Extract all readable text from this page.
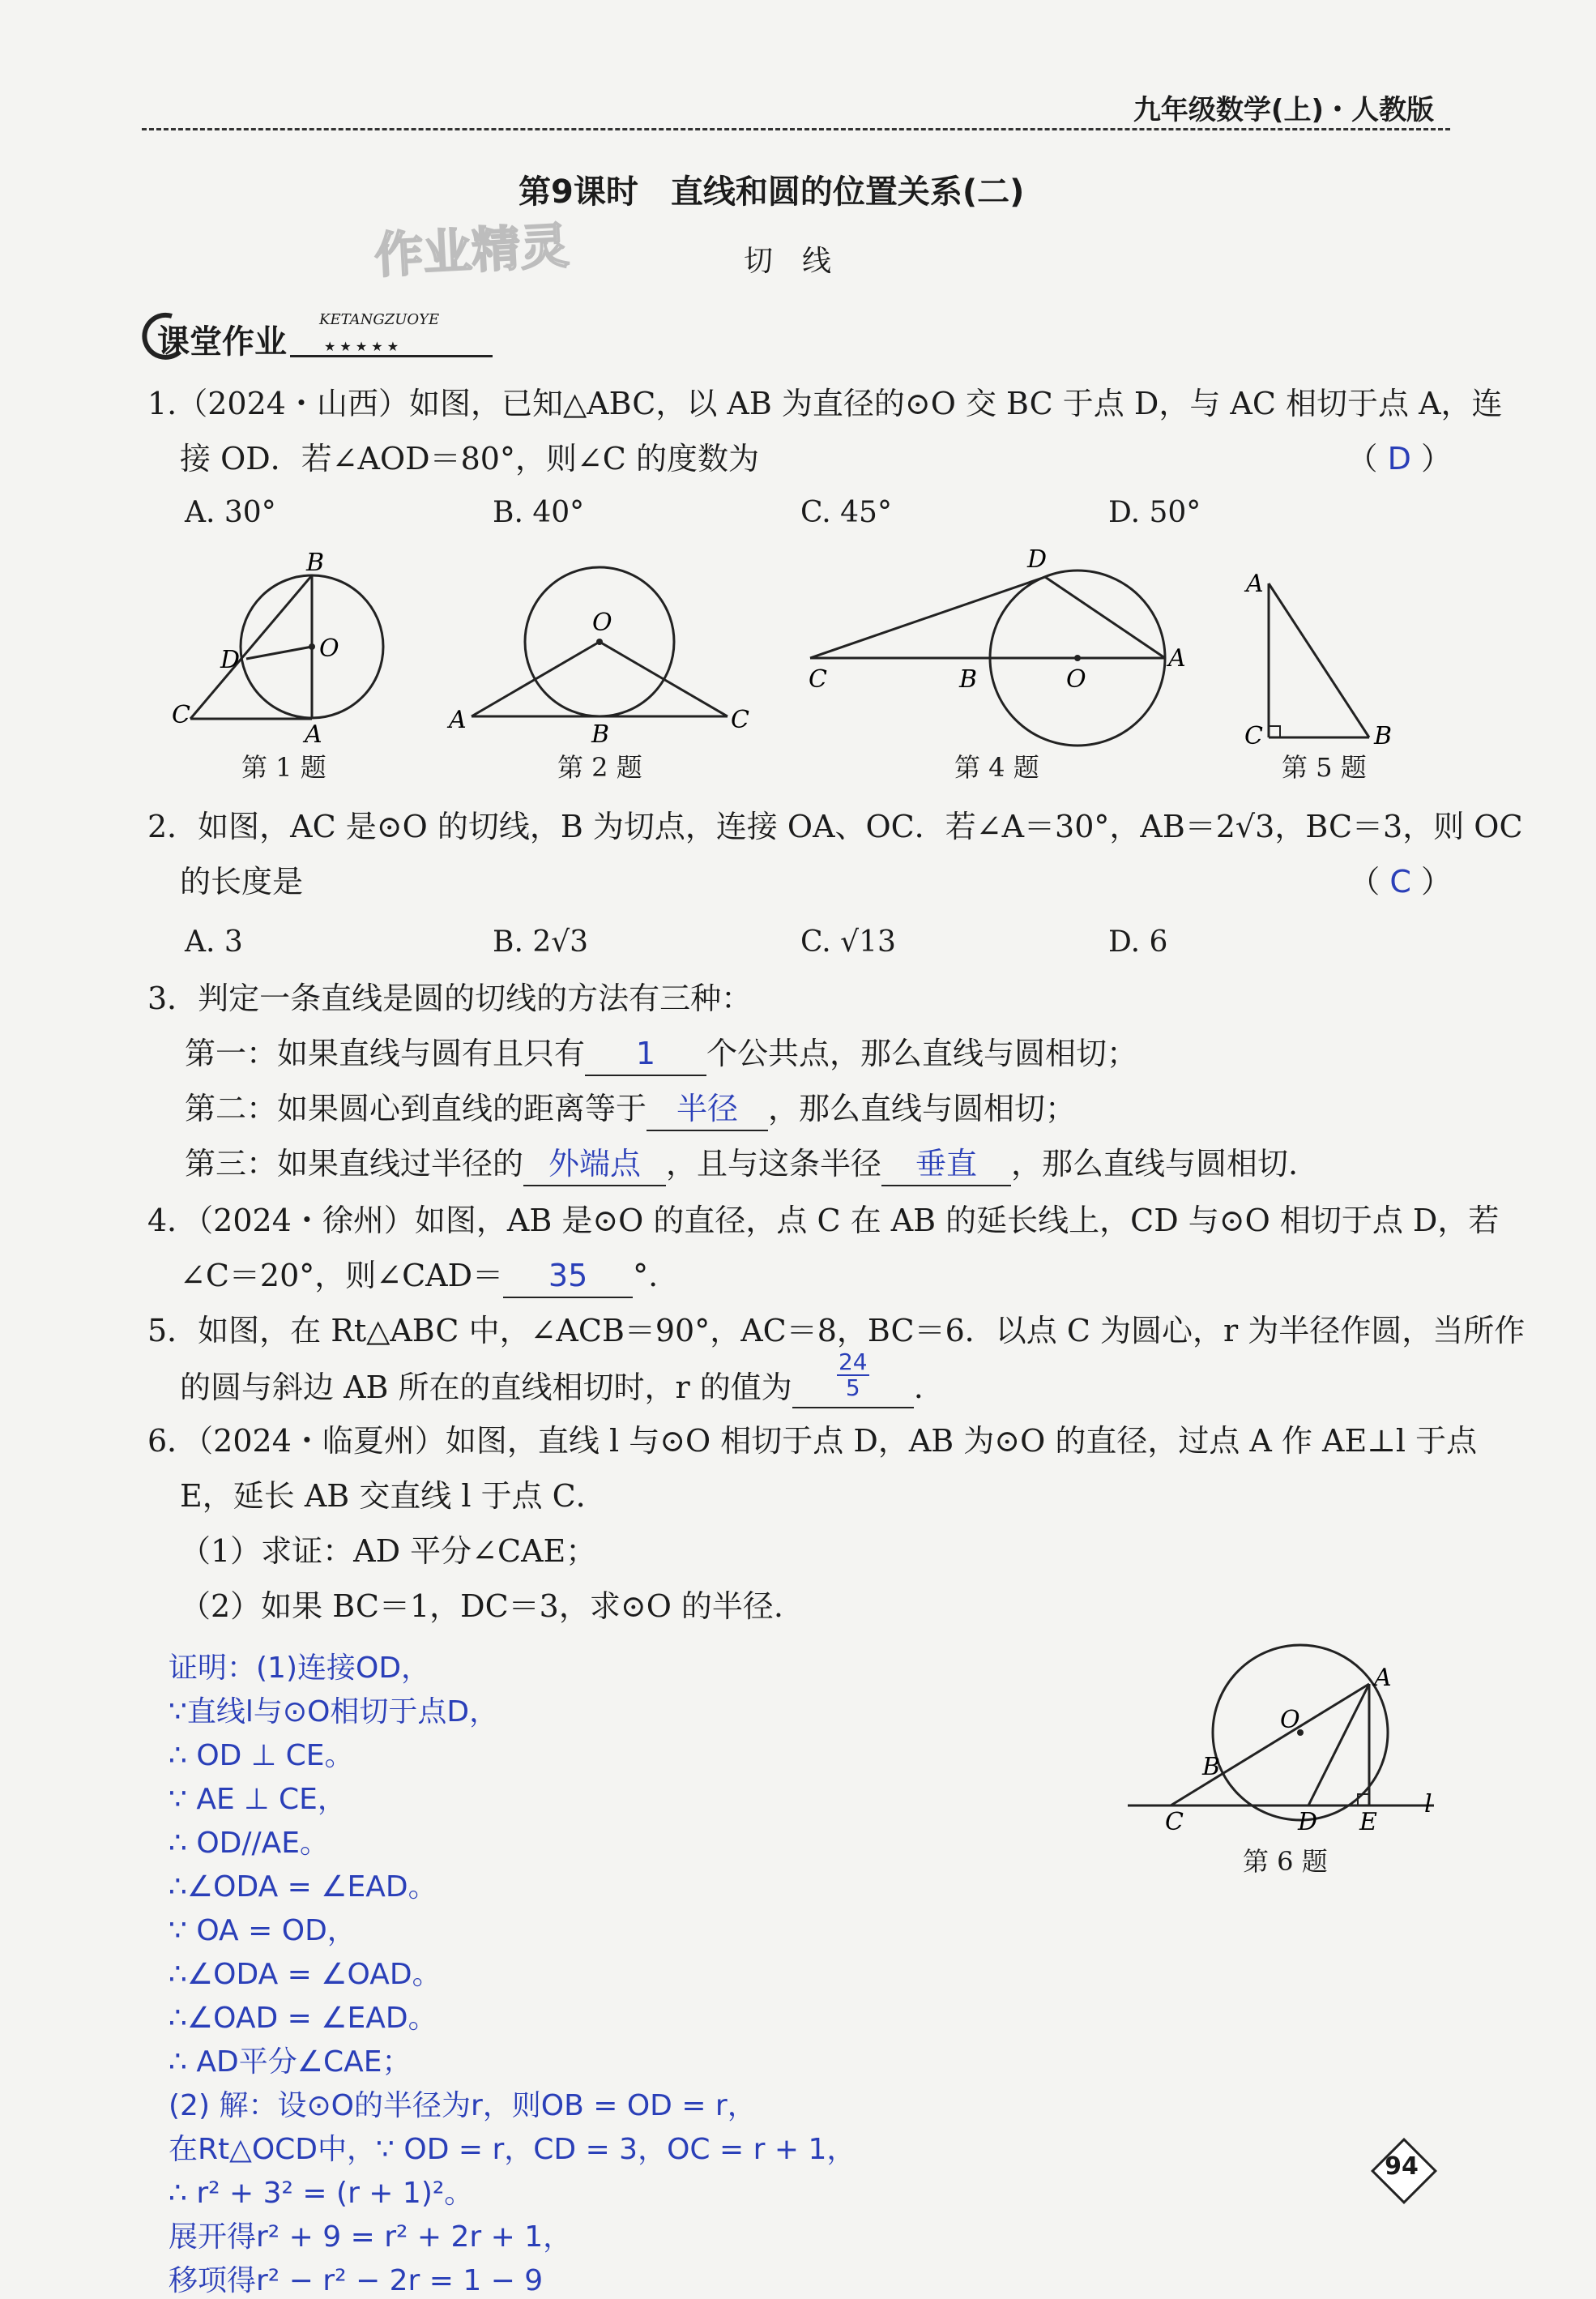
九年级数学(上)・人教版
第9课时　直线和圆的位置关系(二)
作业精灵	切　线
课堂作业
KETANGZUOYE
★ ★ ★ ★ ★
1.（2024・山西）如图，已知△ABC，以 AB 为直径的⊙O 交 BC 于点 D，与 AC 相切于点 A，连
接 OD．若∠AOD＝80°，则∠C 的度数为	（ D ）
A. 30°	B. 40°	C. 45°	D. 50°
B
O
D
C
A
O
A
B
C
D
C	B	O
A
A
C	B
第 1 题	第 2 题	第 4 题	第 5 题
2．如图，AC 是⊙O 的切线，B 为切点，连接 OA、OC．若∠A＝30°，AB＝2√3，BC＝3，则 OC
的长度是	（ C ）
A. 3	B. 2√3	C. √13	D. 6
3．判定一条直线是圆的切线的方法有三种：
第一：如果直线与圆有且只有 1 个公共点，那么直线与圆相切；
第二：如果圆心到直线的距离等于 半径 ，那么直线与圆相切；
第三：如果直线过半径的 外端点 ，且与这条半径 垂直 ，那么直线与圆相切.
4．（2024・徐州）如图，AB 是⊙O 的直径，点 C 在 AB 的延长线上，CD 与⊙O 相切于点 D，若
∠C＝20°，则∠CAD＝ 35 °.
5．如图，在 Rt△ABC 中，∠ACB＝90°，AC＝8，BC＝6．以点 C 为圆心，r 为半径作圆，当所作
的圆与斜边 AB 所在的直线相切时，r 的值为 $\frac{24}{5}$ .
6．（2024・临夏州）如图，直线 l 与⊙O 相切于点 D，AB 为⊙O 的直径，过点 A 作 AE⊥l 于点
E，延长 AB 交直线 l 于点 C．
（1）求证：AD 平分∠CAE；
（2）如果 BC＝1，DC＝3，求⊙O 的半径.
O
A
B
C	D E
l
第 6 题
证明：(1)连接OD，
∵直线l与⊙O相切于点D，
∴ OD ⊥ CE。
∵ AE ⊥ CE，
∴ OD//AE。
∴∠ODA = ∠EAD。
∵ OA = OD，
∴∠ODA = ∠OAD。
∴∠OAD = ∠EAD。
∴ AD平分∠CAE；
(2) 解：设⊙O的半径为r，则OB = OD = r，
在Rt△OCD中，∵ OD = r，CD = 3，OC = r + 1，
∴ r² + 3² = (r + 1)²。
展开得r² + 9 = r² + 2r + 1，
移项得r² − r² − 2r = 1 − 9
94
